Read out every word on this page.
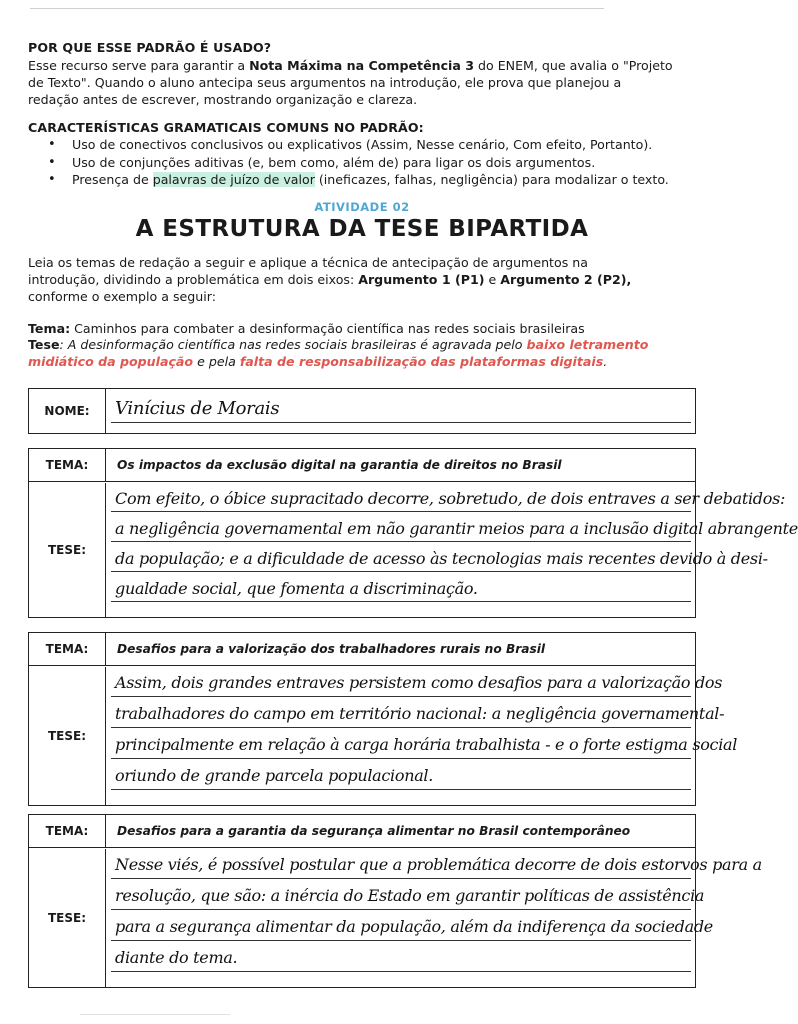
POR QUE ESSE PADRÃO É USADO?
Esse recurso serve para garantir a Nota Máxima na Competência 3 do ENEM, que avalia o "Projeto
de Texto". Quando o aluno antecipa seus argumentos na introdução, ele prova que planejou a
redação antes de escrever, mostrando organização e clareza.
CARACTERÍSTICAS GRAMATICAIS COMUNS NO PADRÃO:
• Uso de conectivos conclusivos ou explicativos (Assim, Nesse cenário, Com efeito, Portanto).
• Uso de conjunções aditivas (e, bem como, além de) para ligar os dois argumentos.
• Presença de palavras de juízo de valor (ineficazes, falhas, negligência) para modalizar o texto.
ATIVIDADE 02
A ESTRUTURA DA TESE BIPARTIDA
Leia os temas de redação a seguir e aplique a técnica de antecipação de argumentos na
introdução, dividindo a problemática em dois eixos: Argumento 1 (P1) e Argumento 2 (P2),
conforme o exemplo a seguir:
Tema: Caminhos para combater a desinformação científica nas redes sociais brasileiras
Tese: A desinformação científica nas redes sociais brasileiras é agravada pelo baixo letramento
midiático da população e pela falta de responsabilização das plataformas digitais.
NOME:	Vinícius de Morais
TEMA:	Os impactos da exclusão digital na garantia de direitos no Brasil
TESE:
Com efeito, o óbice supracitado decorre, sobretudo, de dois entraves a ser debatidos:
a negligência governamental em não garantir meios para a inclusão digital abrangente
da população; e a dificuldade de acesso às tecnologias mais recentes devido à desi-
gualdade social, que fomenta a discriminação.
TEMA:	Desafios para a valorização dos trabalhadores rurais no Brasil
TESE:
Assim, dois grandes entraves persistem como desafios para a valorização dos
trabalhadores do campo em território nacional: a negligência governamental-
principalmente em relação à carga horária trabalhista - e o forte estigma social
oriundo de grande parcela populacional.
TEMA:	Desafios para a garantia da segurança alimentar no Brasil contemporâneo
TESE:
Nesse viés, é possível postular que a problemática decorre de dois estorvos para a
resolução, que são: a inércia do Estado em garantir políticas de assistência
para a segurança alimentar da população, além da indiferença da sociedade
diante do tema.
